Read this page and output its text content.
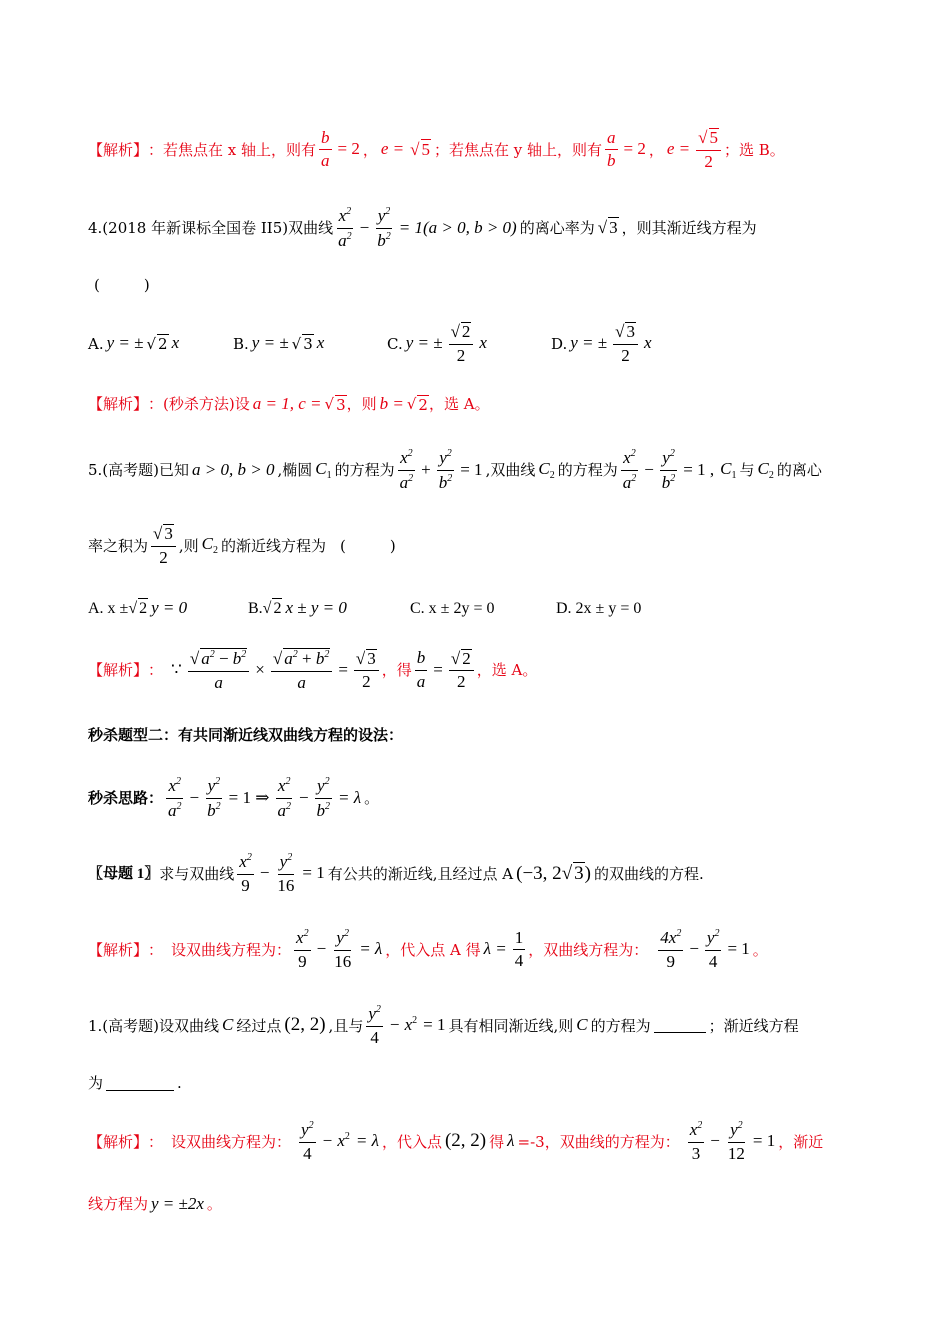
【解析】 ： 若焦点在 x 轴上，则有 $\frac{b}{a} = 2$ ， e = √ 5 ；若焦点在 y 轴上，则有 $\frac{a}{b} = 2$ ， $e = \frac{√ 5}{2}$ ；选 B。
4.(2018 年新课标全国卷 II5)双曲线 $\frac{x^2}{a^2} - \frac{y^2}{b^2} = 1(a > 0$, b > 0) 的离心率为 √ 3 ，则其渐近线方程为
(	)
A. y = ± √ 2 x	B. y = ± √ 3 x	C. y = ± $\frac{√ 2}{2}$ x	D. y = ± $\frac{√ 3}{2}$ x
【解析】 ： (秒杀方法)设 a = 1, c = √ 3 ，则 b = √ 2 ，选 A。
5.(高考题)已知 a > 0, b > 0 ,椭圆 $C_1$ 的方程为 $\frac{x^2}{a^2} + \frac{y^2}{b^2} = 1$ ,双曲线 $C_2$ 的方程为 $\frac{x^2}{a^2} - \frac{y^2}{b^2} = 1$ , $C_1$ 与 $C_2$ 的离心
率之积为 $\frac{√ 3}{2}$ ,则 $C_2$ 的渐近线方程为 (	)
A. x ± √ 2 y = 0	B. √ 2 x ± y = 0	C. x ± 2y = 0	D. 2x ± y = 0
【解析】 ： ∵ $\frac{√ a^2 - b^2}{a} \times \frac{√ a^2 + b^2}{a} = \frac{√ 3}{2}$ ，得 $\frac{b}{a} = \frac{√ 2}{2}$ ，选 A。
秒杀题型二：有共同渐近线双曲线方程的设法：
秒杀思路： $\frac{x^2}{a^2} - \frac{y^2}{b^2} = 1$ ⇒ $\frac{x^2}{a^2} - \frac{y^2}{b^2} = \lambda$ 。
〖母题 1〗 求与双曲线 $\frac{x^2}{9} - \frac{y^2}{16} = 1$ 有公共的渐近线,且经过点 A (−3, 2√ 3) 的双曲线的方程.
【解析】 ： 设双曲线方程为： $\frac{x^2}{9} - \frac{y^2}{16} = \lambda$ ，代入点 A 得 $\lambda = \frac{1}{4}$ ，双曲线方程为： $\frac{4x^2}{9} - \frac{y^2}{4} = 1$ 。
1.(高考题)设双曲线 C 经过点 (2, 2) ,且与 $\frac{y^2}{4} - x^2 = 1$ 具有相同渐近线,则 C 的方程为	；渐近线方程
为	.
【解析】 ： 设双曲线方程为： $\frac{y^2}{4} - x^2 = \lambda$ ，代入点 (2, 2) 得 λ =-3，双曲线的方程为： $\frac{x^2}{3} - \frac{y^2}{12} = 1$ ，渐近
线方程为 y = ±2x 。
